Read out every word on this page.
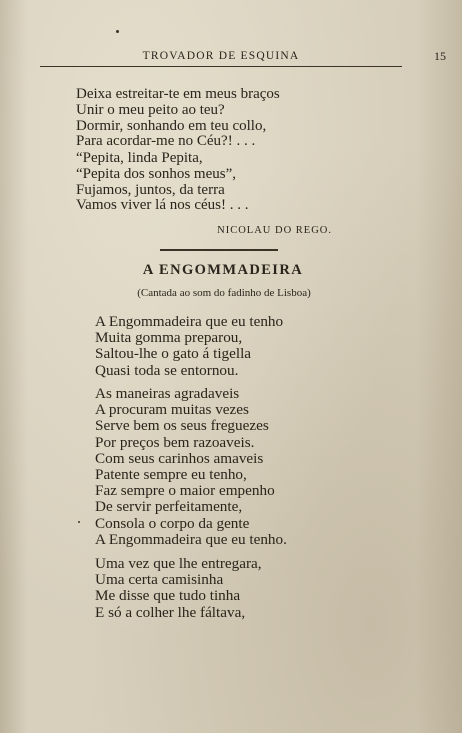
TROVADOR DE ESQUINA	15
Deixa estreitar-te em meus braços
Unir o meu peito ao teu?
Dormir, sonhando em teu collo,
Para acordar-me no Céu?! . . .
“Pepita, linda Pepita,
“Pepita dos sonhos meus”,
Fujamos, juntos, da terra
Vamos viver lá nos céus! . . .
NICOLAU DO REGO.
A ENGOMMADEIRA
(Cantada ao som do fadinho de Lisboa)
A Engommadeira que eu tenho
Muita gomma preparou,
Saltou-lhe o gato á tigella
Quasi toda se entornou.
As maneiras agradaveis
A procuram muitas vezes
Serve bem os seus freguezes
Por preços bem razoaveis.
Com seus carinhos amaveis
Patente sempre eu tenho,
Faz sempre o maior empenho
De servir perfeitamente,
Consola o corpo da gente
A Engommadeira que eu tenho.
Uma vez que lhe entregara,
Uma certa camisinha
Me disse que tudo tinha
E só a colher lhe fáltava,
